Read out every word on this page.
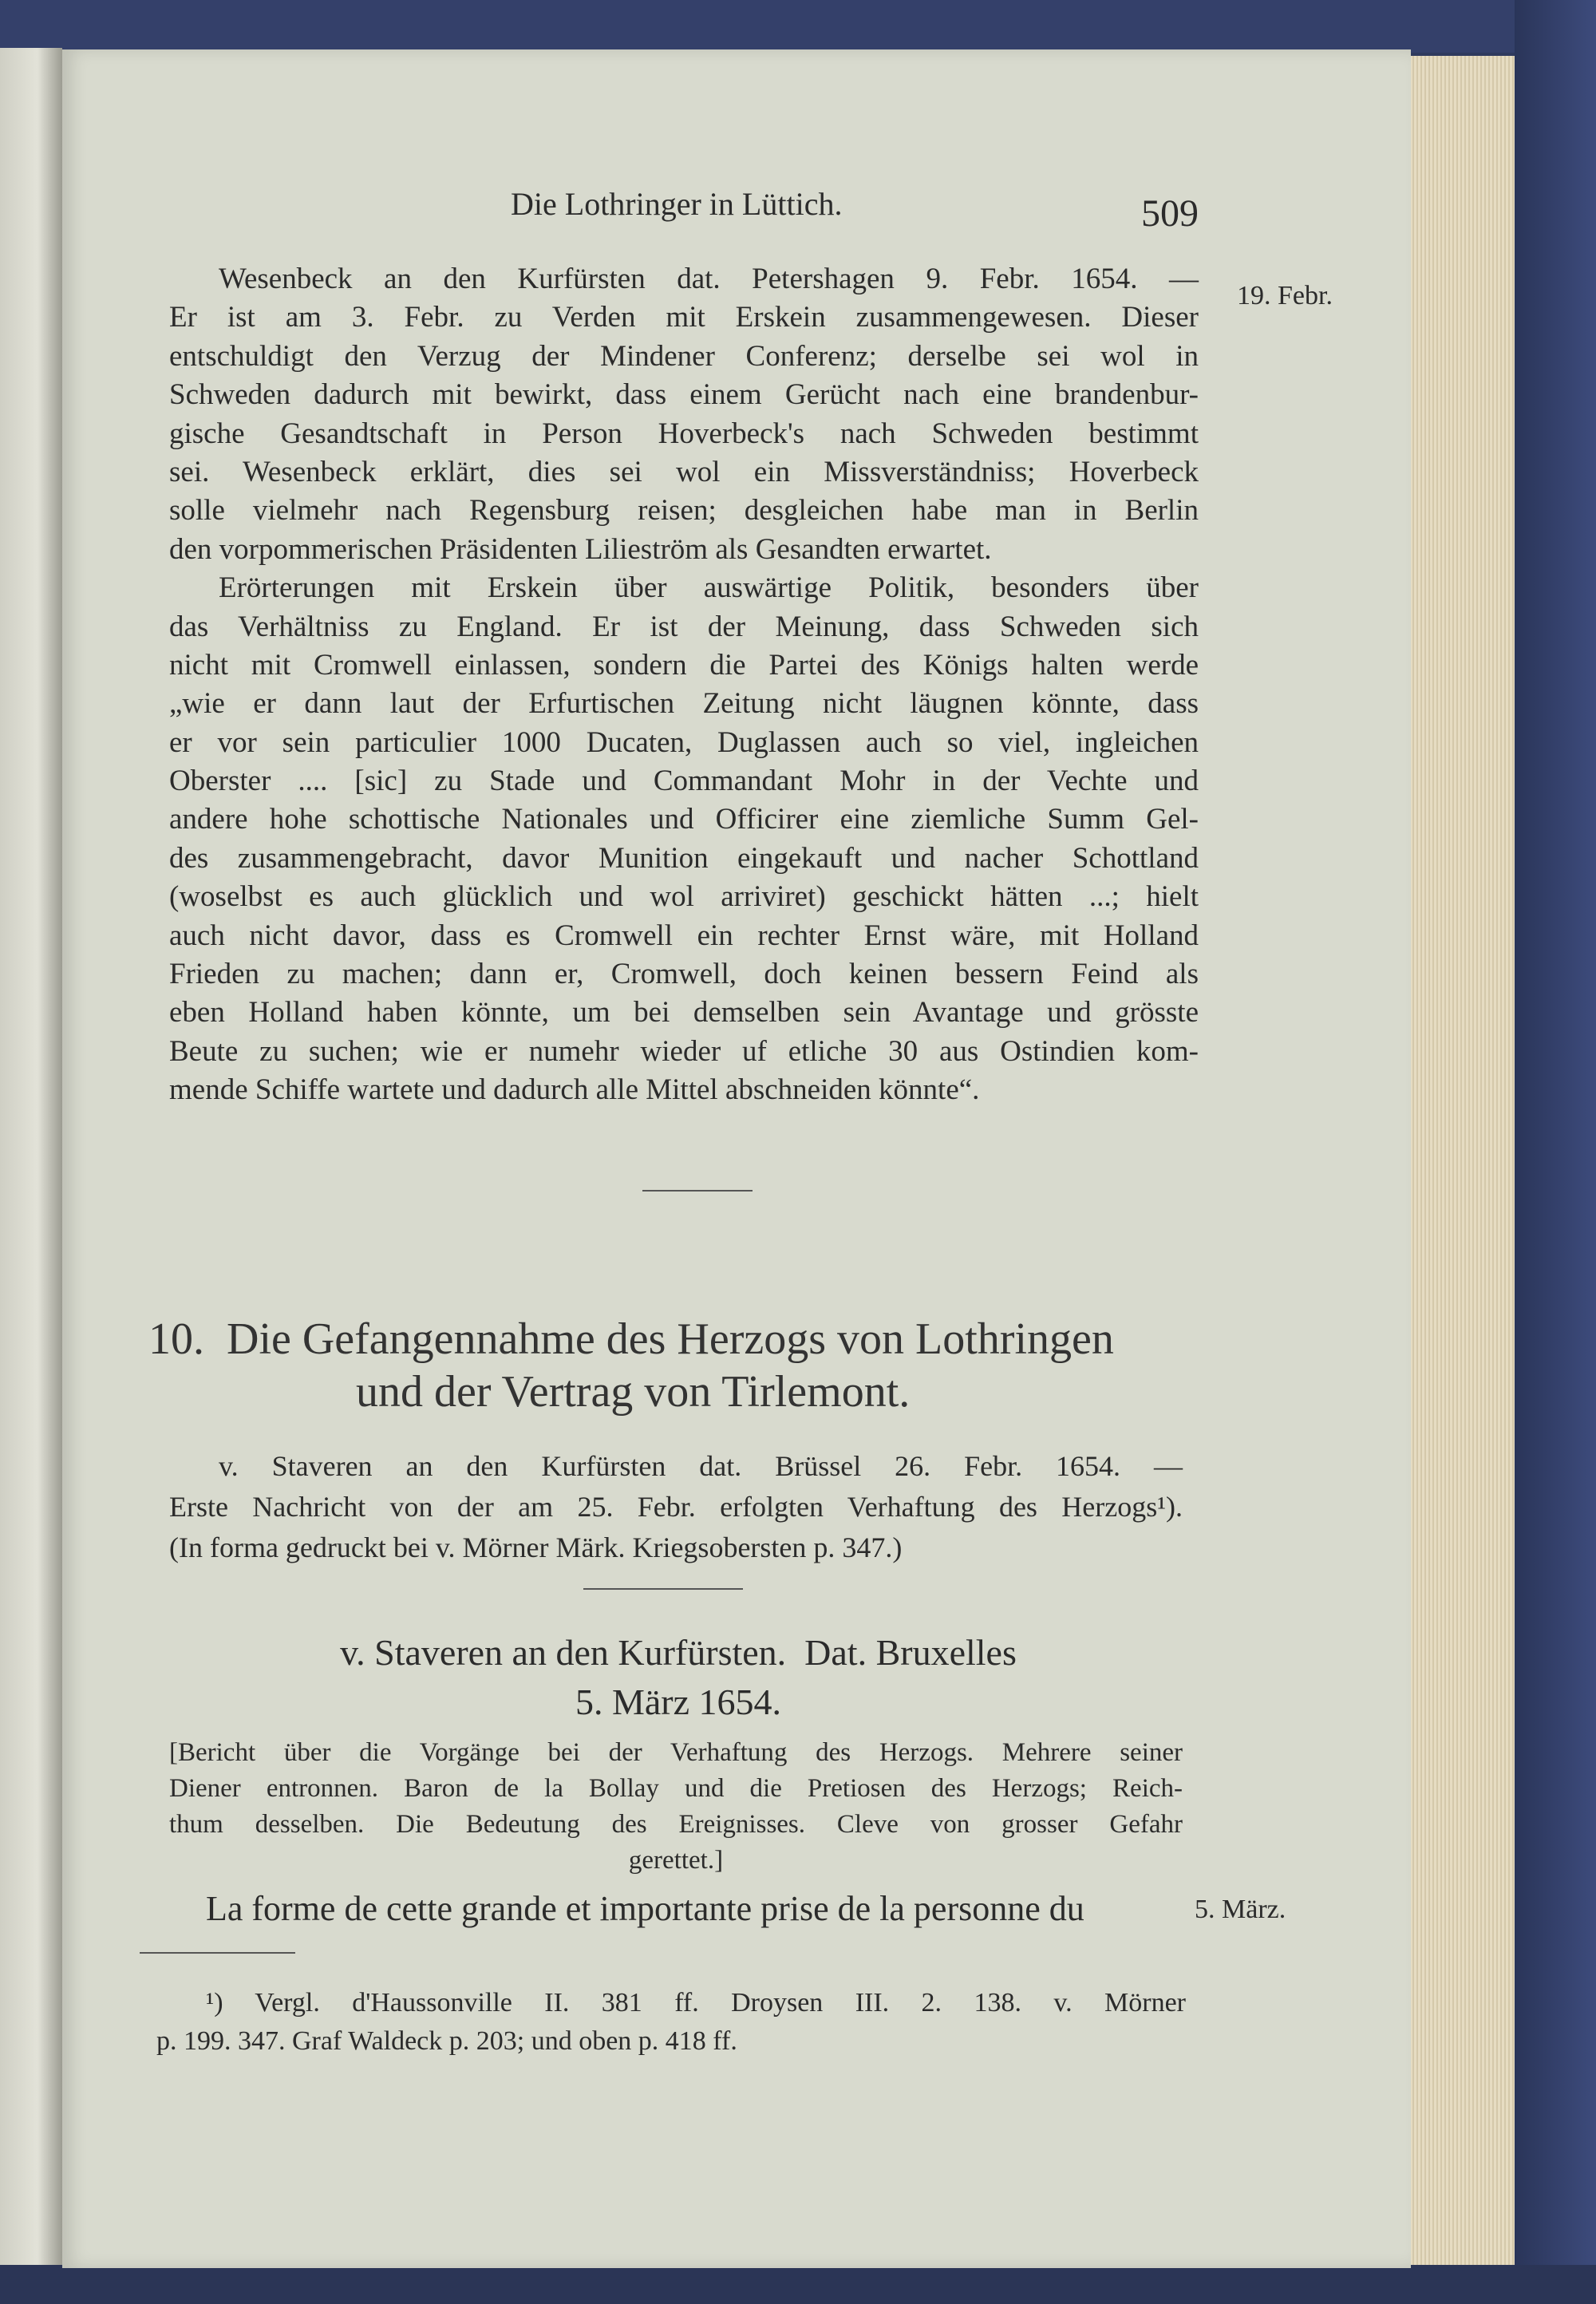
Die Lothringer in Lüttich.	509
19. Febr.
Wesenbeck an den Kurfürsten dat. Petershagen 9. Febr. 1654. —
Er ist am 3. Febr. zu Verden mit Erskein zusammengewesen. Dieser
entschuldigt den Verzug der Mindener Conferenz; derselbe sei wol in
Schweden dadurch mit bewirkt, dass einem Gerücht nach eine brandenbur-
gische Gesandtschaft in Person Hoverbeck's nach Schweden bestimmt
sei. Wesenbeck erklärt, dies sei wol ein Missverständniss; Hoverbeck
solle vielmehr nach Regensburg reisen; desgleichen habe man in Berlin
den vorpommerischen Präsidenten Lilieström als Gesandten erwartet.
Erörterungen mit Erskein über auswärtige Politik, besonders über
das Verhältniss zu England. Er ist der Meinung, dass Schweden sich
nicht mit Cromwell einlassen, sondern die Partei des Königs halten werde
„wie er dann laut der Erfurtischen Zeitung nicht läugnen könnte, dass
er vor sein particulier 1000 Ducaten, Duglassen auch so viel, ingleichen
Oberster .... [sic] zu Stade und Commandant Mohr in der Vechte und
andere hohe schottische Nationales und Officirer eine ziemliche Summ Gel-
des zusammengebracht, davor Munition eingekauft und nacher Schottland
(woselbst es auch glücklich und wol arriviret) geschickt hätten ...; hielt
auch nicht davor, dass es Cromwell ein rechter Ernst wäre, mit Holland
Frieden zu machen; dann er, Cromwell, doch keinen bessern Feind als
eben Holland haben könnte, um bei demselben sein Avantage und grösste
Beute zu suchen; wie er numehr wieder uf etliche 30 aus Ostindien kom-
mende Schiffe wartete und dadurch alle Mittel abschneiden könnte“.
10. Die Gefangennahme des Herzogs von Lothringen
und der Vertrag von Tirlemont.
v. Staveren an den Kurfürsten dat. Brüssel 26. Febr. 1654. —
Erste Nachricht von der am 25. Febr. erfolgten Verhaftung des Herzogs¹).
(In forma gedruckt bei v. Mörner Märk. Kriegsobersten p. 347.)
v. Staveren an den Kurfürsten.  Dat. Bruxelles
5. März 1654.
[Bericht über die Vorgänge bei der Verhaftung des Herzogs. Mehrere seiner
Diener entronnen. Baron de la Bollay und die Pretiosen des Herzogs; Reich-
thum desselben. Die Bedeutung des Ereignisses. Cleve von grosser Gefahr
gerettet.]
La forme de cette grande et importante prise de la personne du	5. März.
¹) Vergl. d'Haussonville II. 381 ff. Droysen III. 2. 138. v. Mörner
p. 199. 347. Graf Waldeck p. 203; und oben p. 418 ff.
